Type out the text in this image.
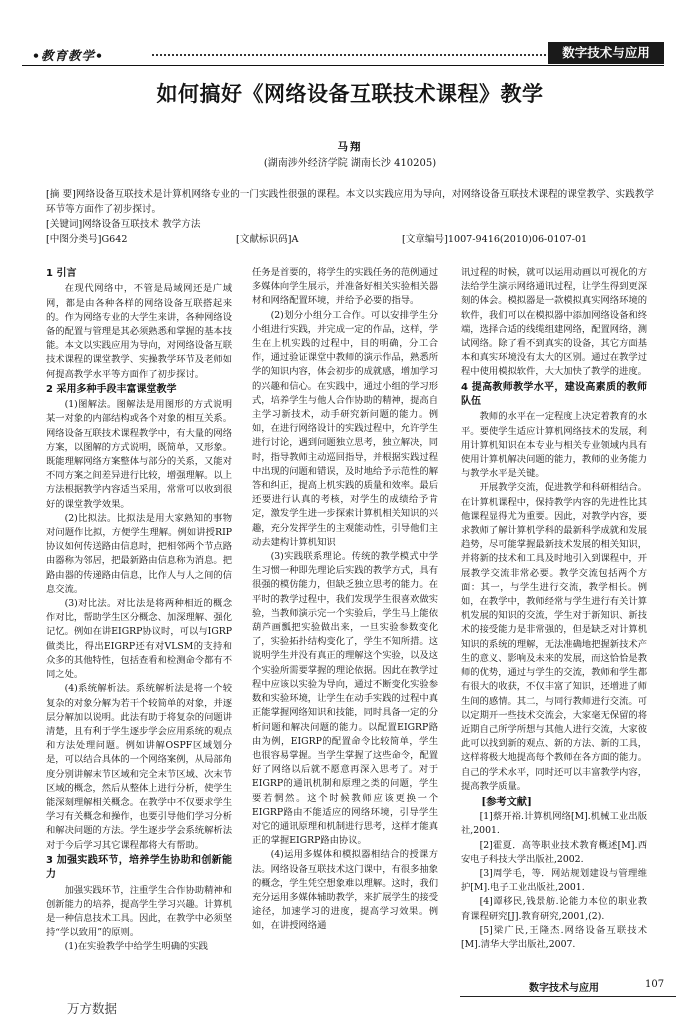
•教育教学•	数字技术与应用
如何搞好《网络设备互联技术课程》教学
马翔
(湖南涉外经济学院 湖南长沙 410205)
[摘 要]网络设备互联技术是计算机网络专业的一门实践性很强的课程。本文以实践应用为导向，对网络设备互联技术课程的课堂教学、实践教学环节等方面作了初步探讨。
[关键词]网络设备互联技术 教学方法
[中图分类号]G642	[文献标识码]A	[文章编号]1007-9416(2010)06-0107-01
1 引言

在现代网络中，不管是局域网还是广域网，都是由各种各样的网络设备互联搭起来的。作为网络专业的大学生来讲，各种网络设备的配置与管理是其必须熟悉和掌握的基本技能。本文以实践应用为导向，对网络设备互联技术课程的课堂教学、实操教学环节及老师如何提高教学水平等方面作了初步探讨。

2 采用多种手段丰富课堂教学

(1)图解法。图解法是用图形的方式说明某一对象的内部结构或各个对象的相互关系。网络设备互联技术课程教学中，有大量的网络方案，以图解的方式说明，既简单，又形象。既能理解网络方案整体与部分的关系，又能对不同方案之间差异进行比较，增强理解。以上方法根据教学内容适当采用，常常可以收到很好的课堂教学效果。

(2)比拟法。比拟法是用大家熟知的事物对问题作比拟，方便学生理解。例如讲授RIP协议如何传送路由信息时，把相邻两个节点路由器称为邻居，把最新路由信息称为消息。把路由器的传递路由信息，比作人与人之间的信息交流。

(3)对比法。对比法是将两种相近的概念作对比，帮助学生区分概念、加深理解、强化记忆。例如在讲EIGRP协议时，可以与IGRP做类比，得出EIGRP还有对VLSM的支持和众多的其他特性，包括查看和检测命令都有不同之处。

(4)系统解析法。系统解析法是将一个较复杂的对象分解为若干个较简单的对象，并逐层分解加以说明。此法有助于将复杂的问题讲清楚，且有利于学生逐步学会应用系统的观点和方法处理问题。例如讲解OSPF区域划分是，可以结合具体的一个网络案例，从局部角度分别讲解末节区域和完全末节区域、次末节区域的概念，然后从整体上进行分析，使学生能深刻理解相关概念。在教学中不仅要求学生学习有关概念和操作，也要引导他们学习分析和解决问题的方法。学生逐步学会系统解析法对于今后学习其它课程都将大有帮助。

3 加强实践环节，培养学生协助和创新能力

加强实践环节，注重学生合作协助精神和创新能力的培养，提高学生学习兴趣。计算机是一种信息技术工具。因此，在教学中必须坚持“学以致用”的原则。

(1)在实验教学中给学生明确的实践

任务是首要的，将学生的实践任务的范例通过多媒体向学生展示，并准备好相关实验相关器材和网络配置环境，并给予必要的指导。

(2)划分小组分工合作。可以安排学生分小组进行实践，并完成一定的作品，这样，学生在上机实践的过程中，目的明确，分工合作，通过验证课堂中教师的演示作品，熟悉所学的知识内容，体会初步的成就感，增加学习的兴趣和信心。在实践中，通过小组的学习形式，培养学生与他人合作协助的精神，提高自主学习新技术，动手研究新问题的能力。例如，在进行网络设计的实践过程中，允许学生进行讨论，遇到问题独立思考，独立解决，同时，指导教师主动巡回指导，并根据实践过程中出现的问题和错误，及时地给予示范性的解答和纠正，提高上机实践的质量和效率。最后还要进行认真的考核，对学生的成绩给予肯定，激发学生进一步探索计算机相关知识的兴趣，充分发挥学生的主观能动性，引导他们主动去建构计算机知识

(3)实践联系理论。传统的教学模式中学生习惯一种即先理论后实践的教学方式，具有很强的模仿能力，但缺乏独立思考的能力。在平时的教学过程中，我们发现学生很喜欢做实验，当教师演示完一个实验后，学生马上能依葫芦画瓢把实验做出来，一旦实验参数变化了，实验拓扑结构变化了，学生不知所措。这说明学生并没有真正的理解这个实验，以及这个实验所需要掌握的理论依据。因此在教学过程中应该以实验为导向，通过不断变化实验参数和实验环境，让学生在动手实践的过程中真正能掌握网络知识和技能，同时具备一定的分析问题和解决问题的能力。以配置EIGRP路由为例，EIGRP的配置命令比较简单，学生也很容易掌握。当学生掌握了这些命令，配置好了网络以后就不愿意再深入思考了。对于EIGRP的通讯机制和原理之类的问题，学生要若惘然。这个时候教师应该更换一个EIGRP路由不能适应的网络环境，引导学生对它的通讯原理和机制进行思考，这样才能真正的掌握EIGRP路由协议。

(4)运用多媒体和模拟器相结合的授课方法。网络设备互联技术这门课中，有很多抽象的概念，学生凭空想象难以理解。这时，我们充分运用多媒体辅助教学，来扩展学生的接受途径，加速学习的进度，提高学习效果。例如，在讲授网络通

讯过程的时候，就可以运用动画以可视化的方法给学生演示网络通讯过程，让学生得到更深刻的体会。模拟器是一款模拟真实网络环境的软件，我们可以在模拟器中添加网络设备和终端，选择合适的线缆组建网络，配置网络，测试网络。除了看不到真实的设备，其它方面基本和真实环境没有太大的区别。通过在教学过程中使用模拟软件，大大加快了教学的进度。

4 提高教师教学水平，建设高素质的教师队伍

教师的水平在一定程度上决定着教育的水平。要使学生适应计算机网络技术的发展，利用计算机知识在本专业与相关专业领域内具有使用计算机解决问题的能力，教师的业务能力与教学水平是关键。

开展教学交流，促进教学和科研相结合。在计算机课程中，保持教学内容的先进性比其他课程显得尤为重要。因此，对教学内容，要求教师了解计算机学科的最新科学成就和发展趋势，尽可能掌握最新技术发展的相关知识，并将新的技术和工具及时地引入到课程中，开展教学交流非常必要。教学交流包括两个方面：其一，与学生进行交流，教学相长。例如，在教学中，教师经常与学生进行有关计算机发展的知识的交流，学生对于新知识、新技术的接受能力是非常强的，但是缺乏对计算机知识的系统的理解，无法准确地把握新技术产生的意义、影响及未来的发展，而这恰恰是教师的优势，通过与学生的交流，教师和学生都有很大的收获，不仅丰富了知识，还增进了师生间的感情。其二，与同行教师进行交流。可以定期开一些技术交流会，大家毫无保留的将近期自己所学所想与其他人进行交流，大家彼此可以找到新的观点、新的方法、新的工具，这样将极大地提高每个教师在各方面的能力。自己的学术水平，同时还可以丰富教学内容，提高教学质量。

[参考文献]

[1]蔡开裕.计算机网络[M].机械工业出版社,2001.

[2]霍夏．高等职业技术教育概述[M].西安电子科技大学出版社,2002.

[3]周学毛，等．网站规划建设与管理维护[M].电子工业出版社,2001.

[4]谭移民,钱景舫.论能力本位的职业教育课程研究[J].教育研究,2001,(2).

[5]梁广民,王隆杰.网络设备互联技术[M].清华大学出版社,2007.

数字技术与应用	107
万方数据
